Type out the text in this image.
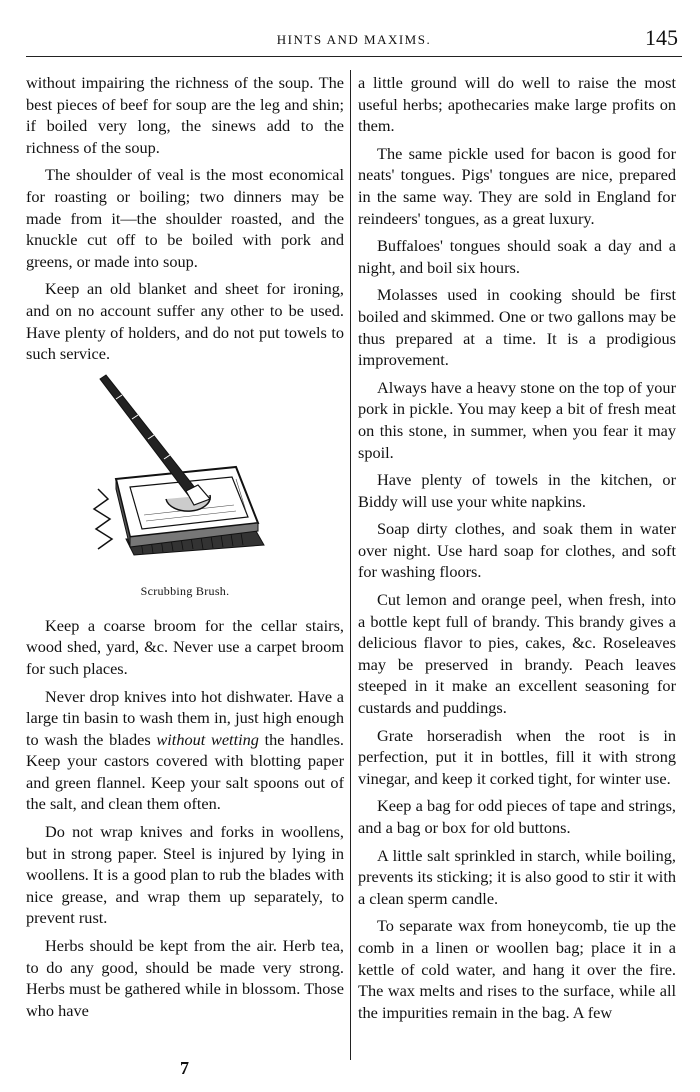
HINTS AND MAXIMS.	145

without impairing the richness of the soup. The best pieces of beef for soup are the leg and shin; if boiled very long, the sinews add to the richness of the soup.

The shoulder of veal is the most economical for roasting or boiling; two dinners may be made from it—the shoulder roasted, and the knuckle cut off to be boiled with pork and greens, or made into soup.

Keep an old blanket and sheet for ironing, and on no account suffer any other to be used. Have plenty of holders, and do not put towels to such service.

Scrubbing Brush.

Keep a coarse broom for the cellar stairs, wood shed, yard, &c. Never use a carpet broom for such places.

Never drop knives into hot dishwater. Have a large tin basin to wash them in, just high enough to wash the blades without wetting the handles. Keep your castors covered with blotting paper and green flannel. Keep your salt spoons out of the salt, and clean them often.

Do not wrap knives and forks in woollens, but in strong paper. Steel is injured by lying in woollens. It is a good plan to rub the blades with nice grease, and wrap them up separately, to prevent rust.

Herbs should be kept from the air. Herb tea, to do any good, should be made very strong. Herbs must be gathered while in blossom. Those who have

a little ground will do well to raise the most useful herbs; apothecaries make large profits on them.

The same pickle used for bacon is good for neats' tongues. Pigs' tongues are nice, prepared in the same way. They are sold in England for reindeers' tongues, as a great luxury.

Buffaloes' tongues should soak a day and a night, and boil six hours.

Molasses used in cooking should be first boiled and skimmed. One or two gallons may be thus prepared at a time. It is a prodigious improvement.

Always have a heavy stone on the top of your pork in pickle. You may keep a bit of fresh meat on this stone, in summer, when you fear it may spoil.

Have plenty of towels in the kitchen, or Biddy will use your white napkins.

Soap dirty clothes, and soak them in water over night. Use hard soap for clothes, and soft for washing floors.

Cut lemon and orange peel, when fresh, into a bottle kept full of brandy. This brandy gives a delicious flavor to pies, cakes, &c. Roseleaves may be preserved in brandy. Peach leaves steeped in it make an excellent seasoning for custards and puddings.

Grate horseradish when the root is in perfection, put it in bottles, fill it with strong vinegar, and keep it corked tight, for winter use.

Keep a bag for odd pieces of tape and strings, and a bag or box for old buttons.

A little salt sprinkled in starch, while boiling, prevents its sticking; it is also good to stir it with a clean sperm candle.

To separate wax from honeycomb, tie up the comb in a linen or woollen bag; place it in a kettle of cold water, and hang it over the fire. The wax melts and rises to the surface, while all the impurities remain in the bag. A few

7
